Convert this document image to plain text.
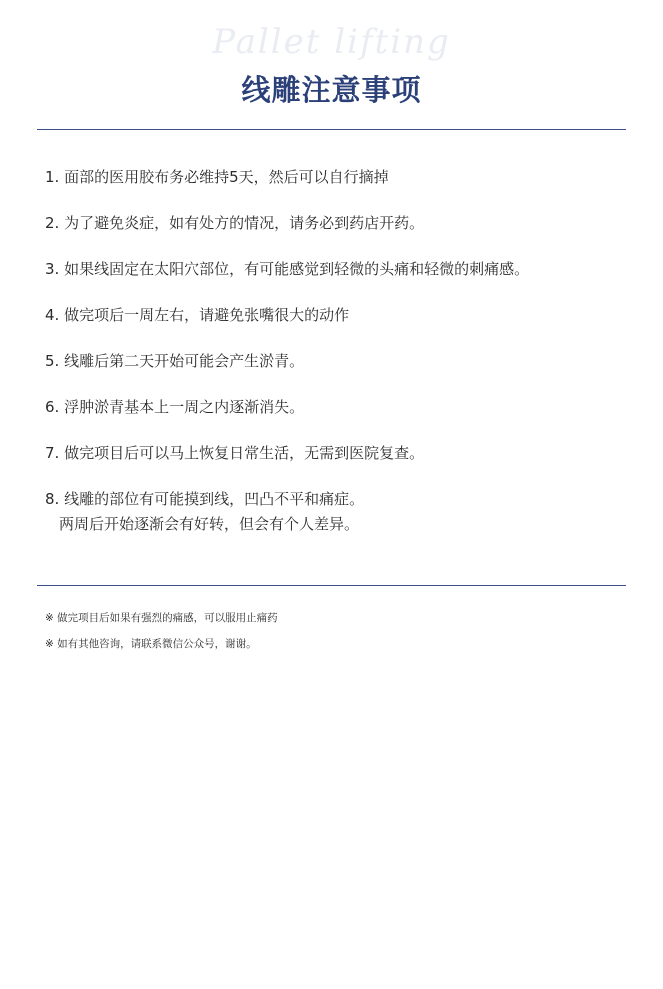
Pallet lifting
线雕注意事项
1. 面部的医用胶布务必维持5天，然后可以自行摘掉
2. 为了避免炎症，如有处方的情况，请务必到药店开药。
3. 如果线固定在太阳穴部位，有可能感觉到轻微的头痛和轻微的刺痛感。
4. 做完项后一周左右，请避免张嘴很大的动作
5. 线雕后第二天开始可能会产生淤青。
6. 浮肿淤青基本上一周之内逐渐消失。
7. 做完项目后可以马上恢复日常生活，无需到医院复查。
8. 线雕的部位有可能摸到线，凹凸不平和痛症。
两周后开始逐渐会有好转，但会有个人差异。
※ 做完项目后如果有强烈的痛感，可以服用止痛药
※ 如有其他咨询，请联系微信公众号，谢谢。
